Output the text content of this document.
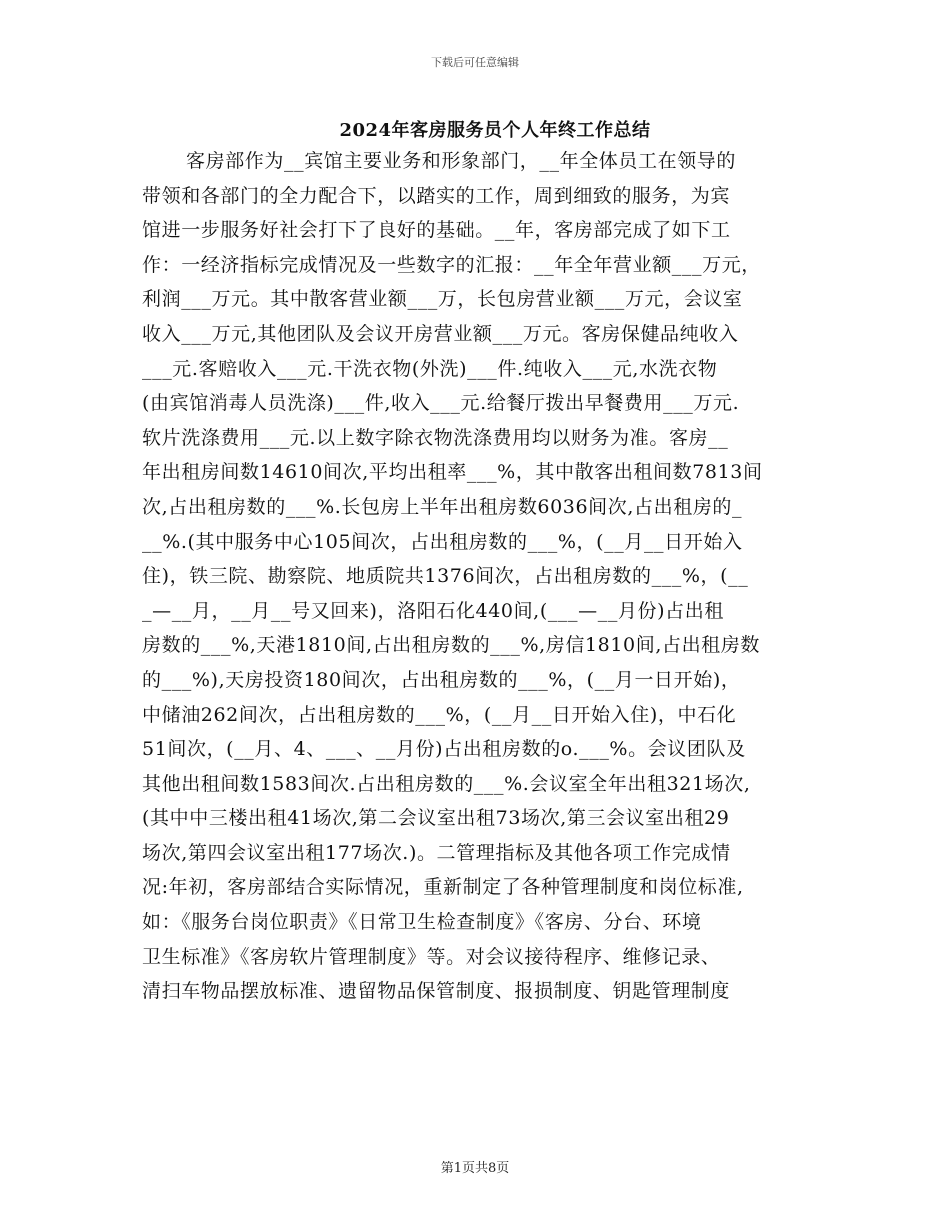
下载后可任意编辑
2024年客房服务员个人年终工作总结
客房部作为__宾馆主要业务和形象部门，__年全体员工在领导的
带领和各部门的全力配合下，以踏实的工作，周到细致的服务，为宾
馆进一步服务好社会打下了良好的基础。__年，客房部完成了如下工
作：一经济指标完成情况及一些数字的汇报：__年全年营业额___万元，
利润___万元。其中散客营业额___万，长包房营业额___万元，会议室
收入___万元,其他团队及会议开房营业额___万元。客房保健品纯收入
___元.客赔收入___元.干洗衣物(外洗)___件.纯收入___元,水洗衣物
(由宾馆消毒人员洗涤)___件,收入___元.给餐厅拨出早餐费用___万元.
软片洗涤费用___元.以上数字除衣物洗涤费用均以财务为准。客房__
年出租房间数14610间次,平均出租率___%，其中散客出租间数7813间
次,占出租房数的___%.长包房上半年出租房数6036间次,占出租房的_
__%.(其中服务中心105间次，占出租房数的___%，(__月__日开始入
住)，铁三院、勘察院、地质院共1376间次，占出租房数的___%，(__
_—__月，__月__号又回来)，洛阳石化440间,(___—__月份)占出租
房数的___%,天港1810间,占出租房数的___%,房信1810间,占出租房数
的___%),天房投资180间次，占出租房数的___%，(__月一日开始)，
中储油262间次，占出租房数的___%，(__月__日开始入住)，中石化
51间次，(__月、4、___、__月份)占出租房数的o.___%。会议团队及
其他出租间数1583间次.占出租房数的___%.会议室全年出租321场次,
(其中中三楼出租41场次,第二会议室出租73场次,第三会议室出租29
场次,第四会议室出租177场次.)。二管理指标及其他各项工作完成情
况:年初，客房部结合实际情况，重新制定了各种管理制度和岗位标准,
如：《服务台岗位职责》《日常卫生检查制度》《客房、分台、环境
卫生标准》《客房软片管理制度》等。对会议接待程序、维修记录、
清扫车物品摆放标准、遗留物品保管制度、报损制度、钥匙管理制度
第1页共8页
